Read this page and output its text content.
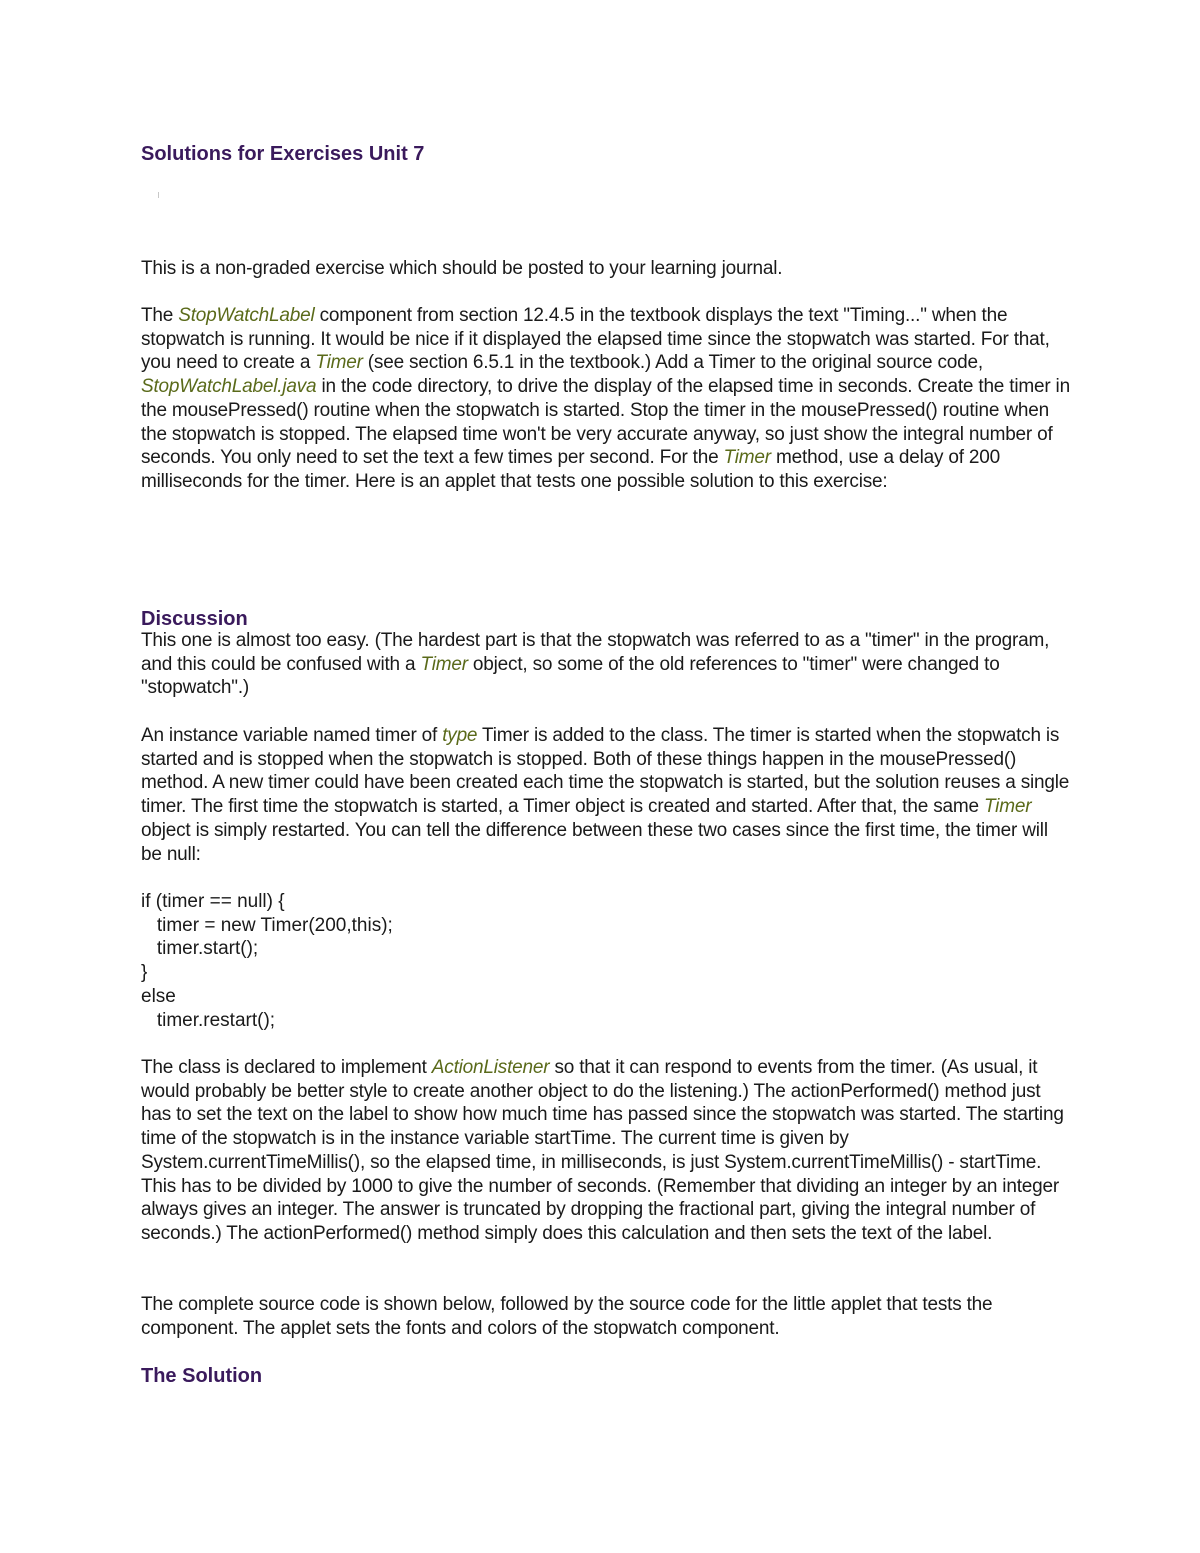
Solutions for Exercises Unit 7

This is a non-graded exercise which should be posted to your learning journal.

The StopWatchLabel component from section 12.4.5 in the textbook displays the text "Timing..." when the stopwatch is running. It would be nice if it displayed the elapsed time since the stopwatch was started. For that, you need to create a Timer (see section 6.5.1 in the textbook.) Add a Timer to the original source code, StopWatchLabel.java in the code directory, to drive the display of the elapsed time in seconds. Create the timer in the mousePressed() routine when the stopwatch is started. Stop the timer in the mousePressed() routine when the stopwatch is stopped. The elapsed time won't be very accurate anyway, so just show the integral number of seconds. You only need to set the text a few times per second. For the Timer method, use a delay of 200 milliseconds for the timer. Here is an applet that tests one possible solution to this exercise:

Discussion

This one is almost too easy. (The hardest part is that the stopwatch was referred to as a "timer" in the program, and this could be confused with a Timer object, so some of the old references to "timer" were changed to "stopwatch".)

An instance variable named timer of type Timer is added to the class. The timer is started when the stopwatch is started and is stopped when the stopwatch is stopped. Both of these things happen in the mousePressed() method. A new timer could have been created each time the stopwatch is started, but the solution reuses a single timer. The first time the stopwatch is started, a Timer object is created and started. After that, the same Timer object is simply restarted. You can tell the difference between these two cases since the first time, the timer will be null:

if (timer == null) {
timer = new Timer(200,this);
timer.start();
}
else
timer.restart();

The class is declared to implement ActionListener so that it can respond to events from the timer. (As usual, it would probably be better style to create another object to do the listening.) The actionPerformed() method just has to set the text on the label to show how much time has passed since the stopwatch was started. The starting time of the stopwatch is in the instance variable startTime. The current time is given by System.currentTimeMillis(), so the elapsed time, in milliseconds, is just System.currentTimeMillis() - startTime. This has to be divided by 1000 to give the number of seconds. (Remember that dividing an integer by an integer always gives an integer. The answer is truncated by dropping the fractional part, giving the integral number of seconds.) The actionPerformed() method simply does this calculation and then sets the text of the label.

The complete source code is shown below, followed by the source code for the little applet that tests the component. The applet sets the fonts and colors of the stopwatch component.

The Solution
